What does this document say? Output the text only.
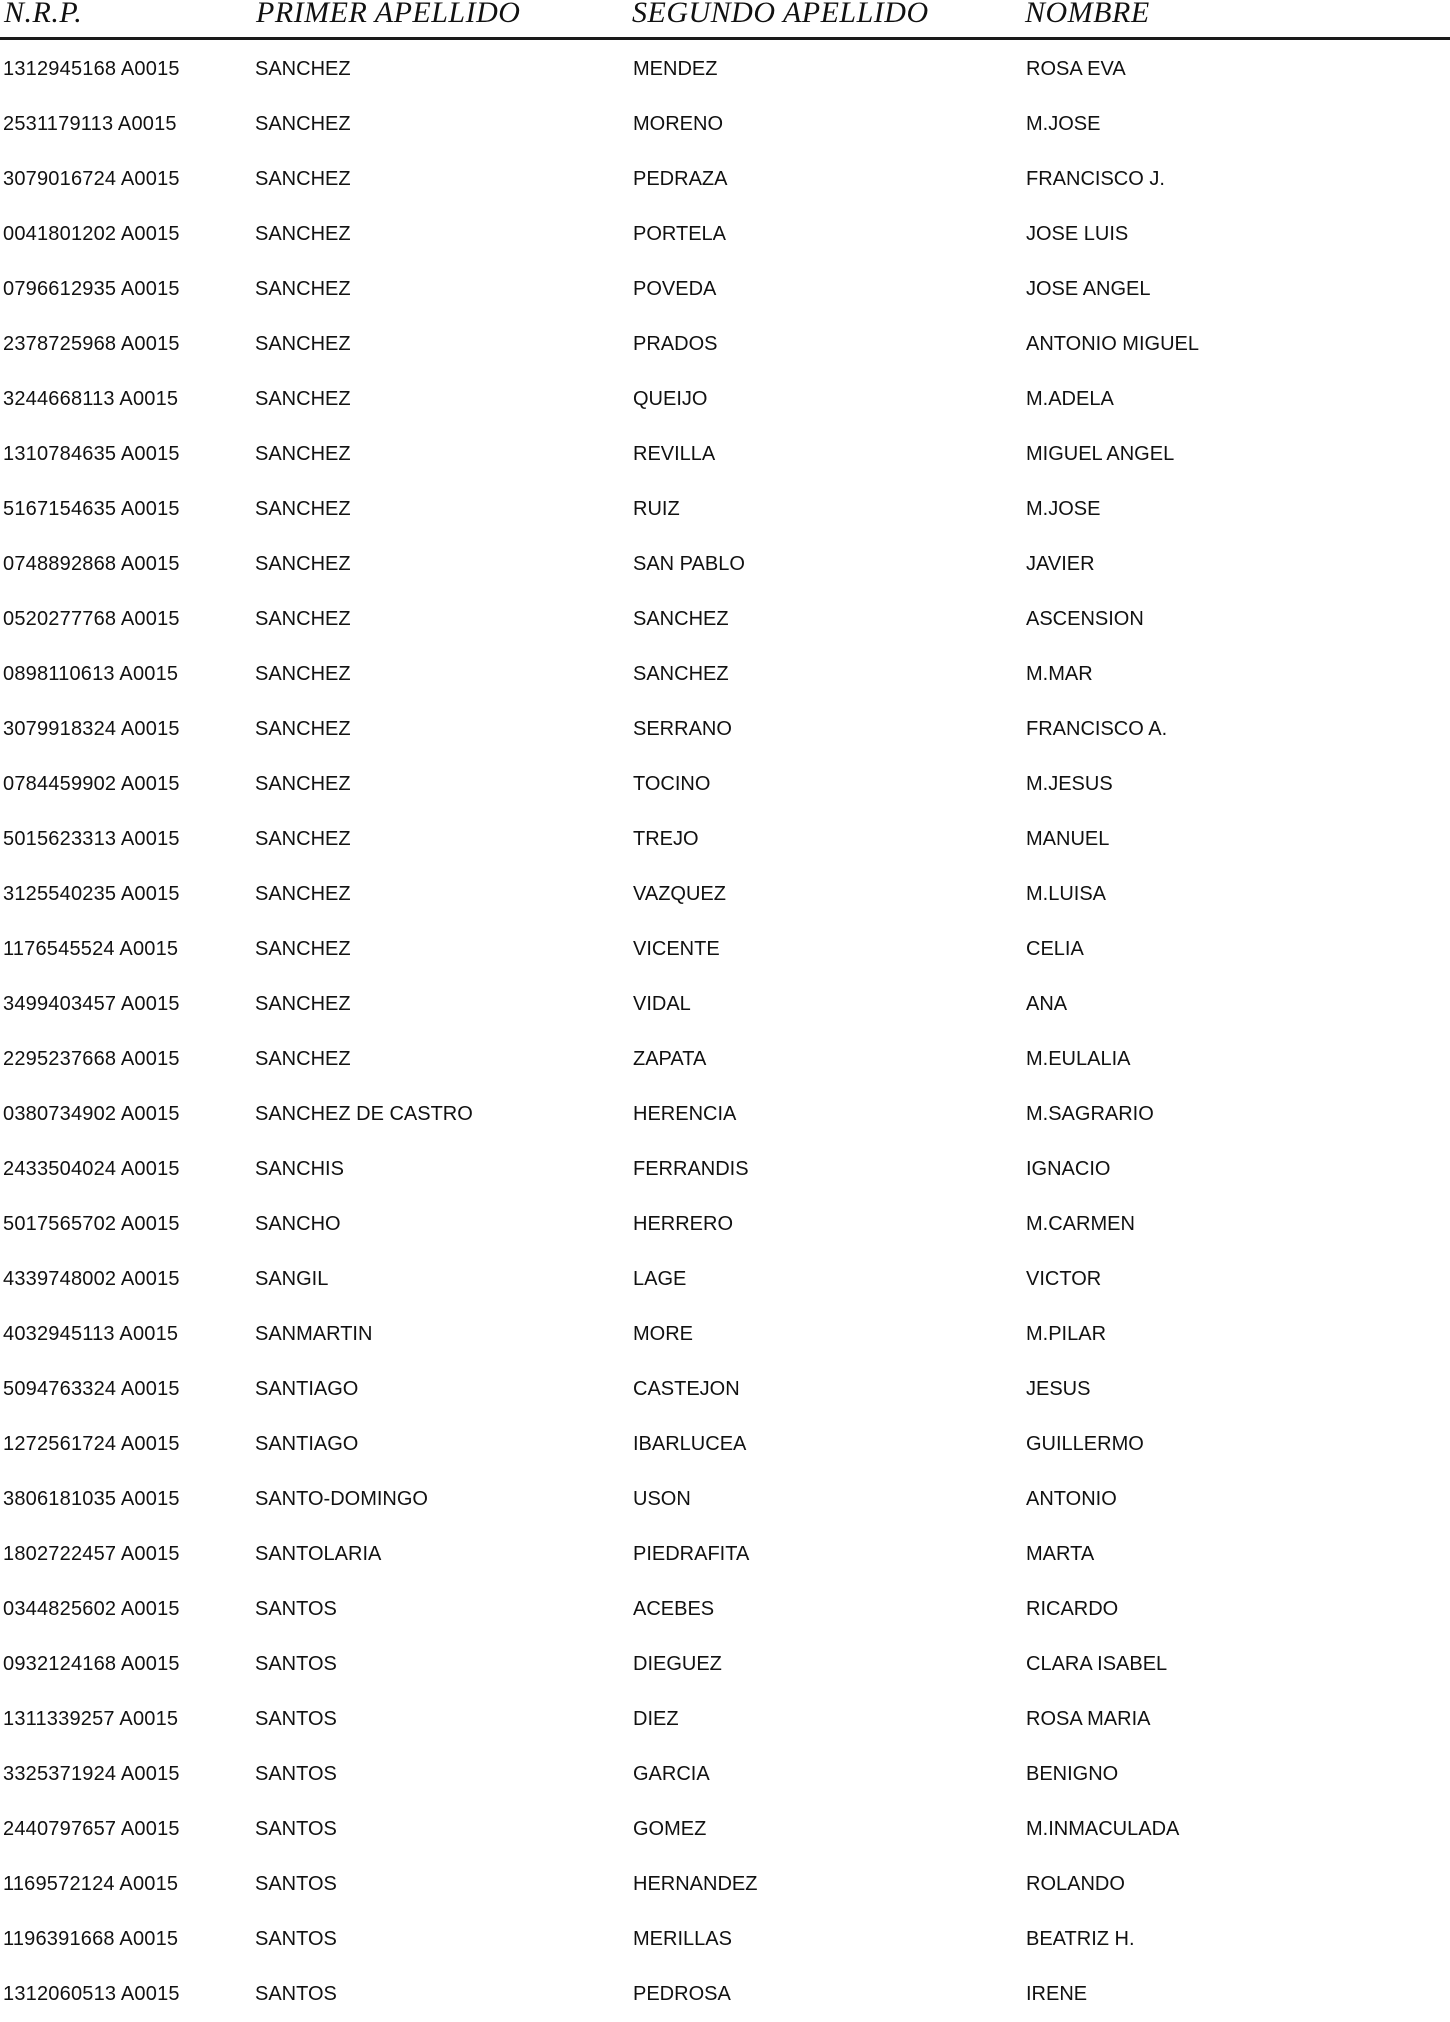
N.R.P.	PRIMER APELLIDO	SEGUNDO APELLIDO	NOMBRE
1312945168 A0015	SANCHEZ	MENDEZ	ROSA EVA
2531179113 A0015	SANCHEZ	MORENO	M.JOSE
3079016724 A0015	SANCHEZ	PEDRAZA	FRANCISCO J.
0041801202 A0015	SANCHEZ	PORTELA	JOSE LUIS
0796612935 A0015	SANCHEZ	POVEDA	JOSE ANGEL
2378725968 A0015	SANCHEZ	PRADOS	ANTONIO MIGUEL
3244668113 A0015	SANCHEZ	QUEIJO	M.ADELA
1310784635 A0015	SANCHEZ	REVILLA	MIGUEL ANGEL
5167154635 A0015	SANCHEZ	RUIZ	M.JOSE
0748892868 A0015	SANCHEZ	SAN PABLO	JAVIER
0520277768 A0015	SANCHEZ	SANCHEZ	ASCENSION
0898110613 A0015	SANCHEZ	SANCHEZ	M.MAR
3079918324 A0015	SANCHEZ	SERRANO	FRANCISCO A.
0784459902 A0015	SANCHEZ	TOCINO	M.JESUS
5015623313 A0015	SANCHEZ	TREJO	MANUEL
3125540235 A0015	SANCHEZ	VAZQUEZ	M.LUISA
1176545524 A0015	SANCHEZ	VICENTE	CELIA
3499403457 A0015	SANCHEZ	VIDAL	ANA
2295237668 A0015	SANCHEZ	ZAPATA	M.EULALIA
0380734902 A0015	SANCHEZ DE CASTRO	HERENCIA	M.SAGRARIO
2433504024 A0015	SANCHIS	FERRANDIS	IGNACIO
5017565702 A0015	SANCHO	HERRERO	M.CARMEN
4339748002 A0015	SANGIL	LAGE	VICTOR
4032945113 A0015	SANMARTIN	MORE	M.PILAR
5094763324 A0015	SANTIAGO	CASTEJON	JESUS
1272561724 A0015	SANTIAGO	IBARLUCEA	GUILLERMO
3806181035 A0015	SANTO-DOMINGO	USON	ANTONIO
1802722457 A0015	SANTOLARIA	PIEDRAFITA	MARTA
0344825602 A0015	SANTOS	ACEBES	RICARDO
0932124168 A0015	SANTOS	DIEGUEZ	CLARA ISABEL
1311339257 A0015	SANTOS	DIEZ	ROSA MARIA
3325371924 A0015	SANTOS	GARCIA	BENIGNO
2440797657 A0015	SANTOS	GOMEZ	M.INMACULADA
1169572124 A0015	SANTOS	HERNANDEZ	ROLANDO
1196391668 A0015	SANTOS	MERILLAS	BEATRIZ H.
1312060513 A0015	SANTOS	PEDROSA	IRENE
